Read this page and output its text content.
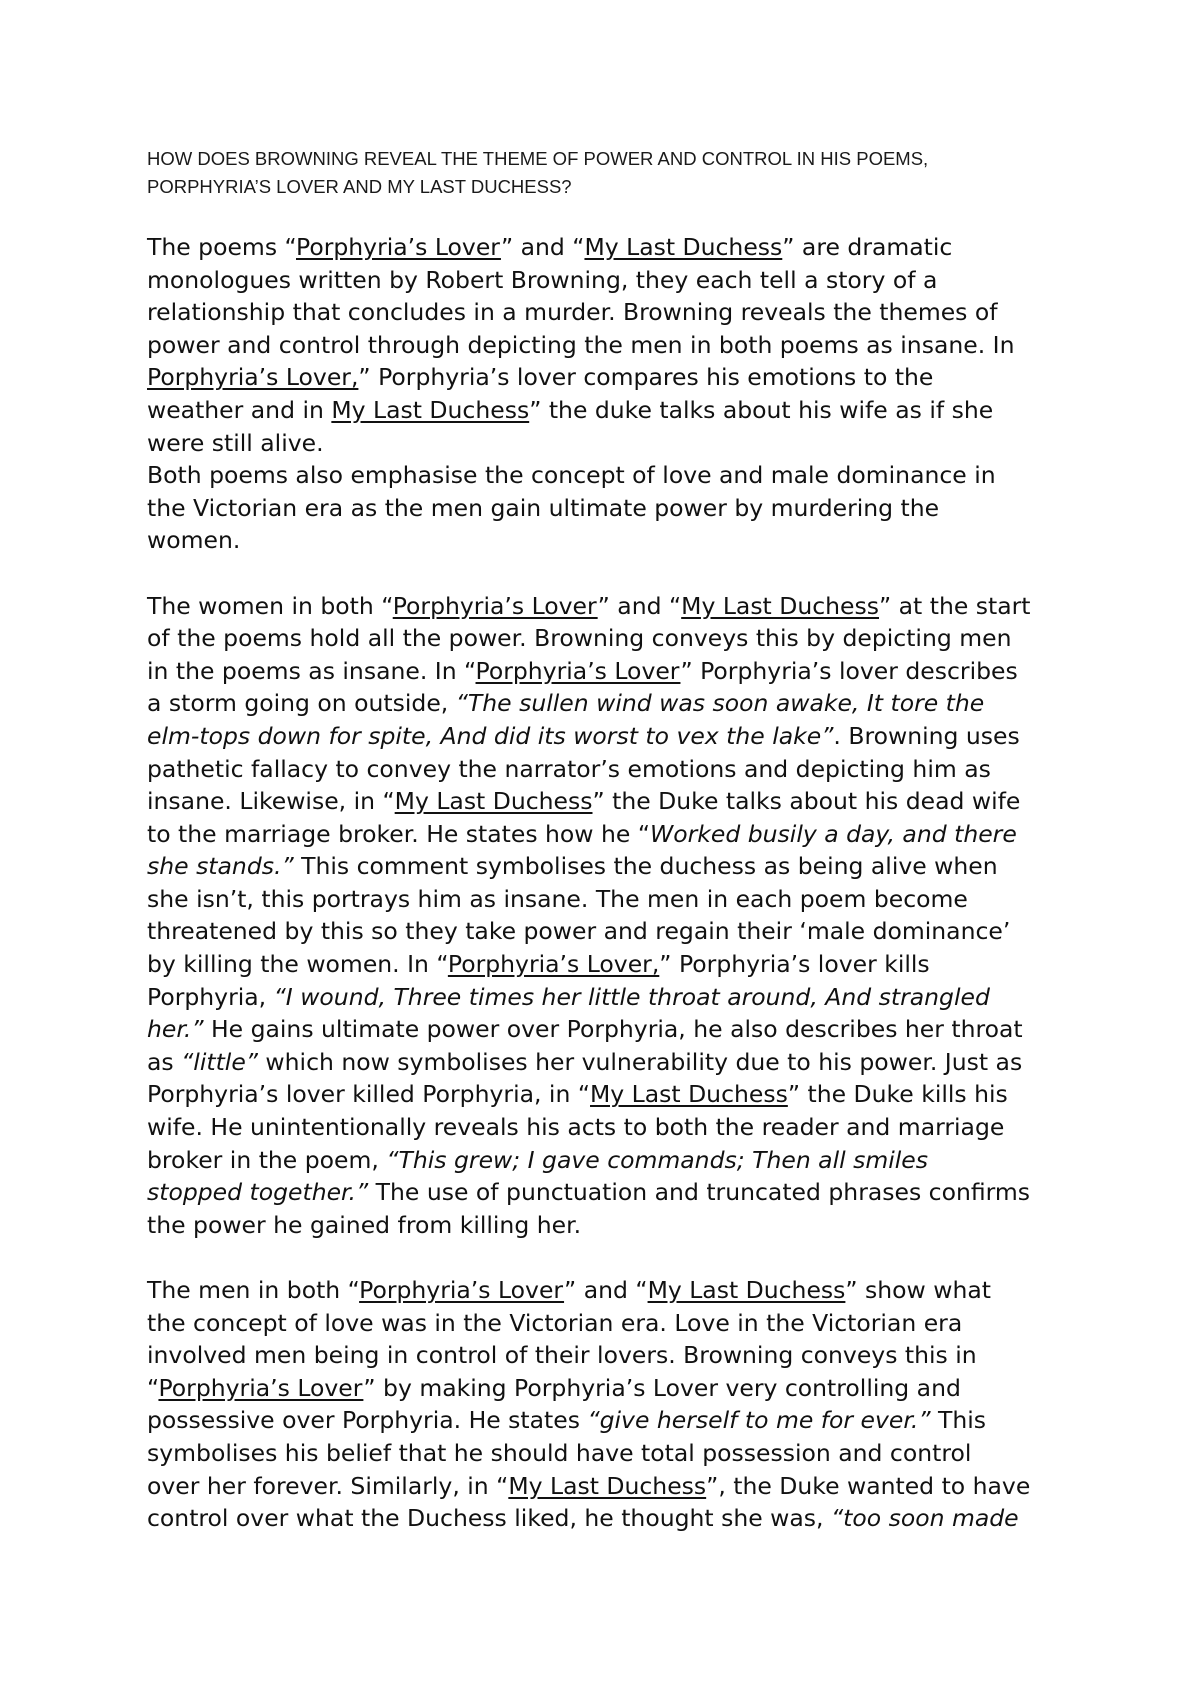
HOW DOES BROWNING REVEAL THE THEME OF POWER AND CONTROL IN HIS POEMS,
PORPHYRIA’S LOVER AND MY LAST DUCHESS?
The poems “Porphyria’s Lover” and “My Last Duchess” are dramatic
monologues written by Robert Browning, they each tell a story of a
relationship that concludes in a murder. Browning reveals the themes of
power and control through depicting the men in both poems as insane. In
Porphyria’s Lover,” Porphyria’s lover compares his emotions to the
weather and in My Last Duchess” the duke talks about his wife as if she
were still alive.
Both poems also emphasise the concept of love and male dominance in
the Victorian era as the men gain ultimate power by murdering the
women.
The women in both “Porphyria’s Lover” and “My Last Duchess” at the start
of the poems hold all the power. Browning conveys this by depicting men
in the poems as insane. In “Porphyria’s Lover” Porphyria’s lover describes
a storm going on outside, “The sullen wind was soon awake, It tore the
elm-tops down for spite, And did its worst to vex the lake”. Browning uses
pathetic fallacy to convey the narrator’s emotions and depicting him as
insane. Likewise, in “My Last Duchess” the Duke talks about his dead wife
to the marriage broker. He states how he “Worked busily a day, and there
she stands.” This comment symbolises the duchess as being alive when
she isn’t, this portrays him as insane. The men in each poem become
threatened by this so they take power and regain their ‘male dominance’
by killing the women. In “Porphyria’s Lover,” Porphyria’s lover kills
Porphyria, “I wound, Three times her little throat around, And strangled
her.” He gains ultimate power over Porphyria, he also describes her throat
as “little” which now symbolises her vulnerability due to his power. Just as
Porphyria’s lover killed Porphyria, in “My Last Duchess” the Duke kills his
wife. He unintentionally reveals his acts to both the reader and marriage
broker in the poem, “This grew; I gave commands; Then all smiles
stopped together.” The use of punctuation and truncated phrases confirms
the power he gained from killing her.
The men in both “Porphyria’s Lover” and “My Last Duchess” show what
the concept of love was in the Victorian era. Love in the Victorian era
involved men being in control of their lovers. Browning conveys this in
“Porphyria’s Lover” by making Porphyria’s Lover very controlling and
possessive over Porphyria. He states “give herself to me for ever.” This
symbolises his belief that he should have total possession and control
over her forever. Similarly, in “My Last Duchess”, the Duke wanted to have
control over what the Duchess liked, he thought she was, “too soon made
